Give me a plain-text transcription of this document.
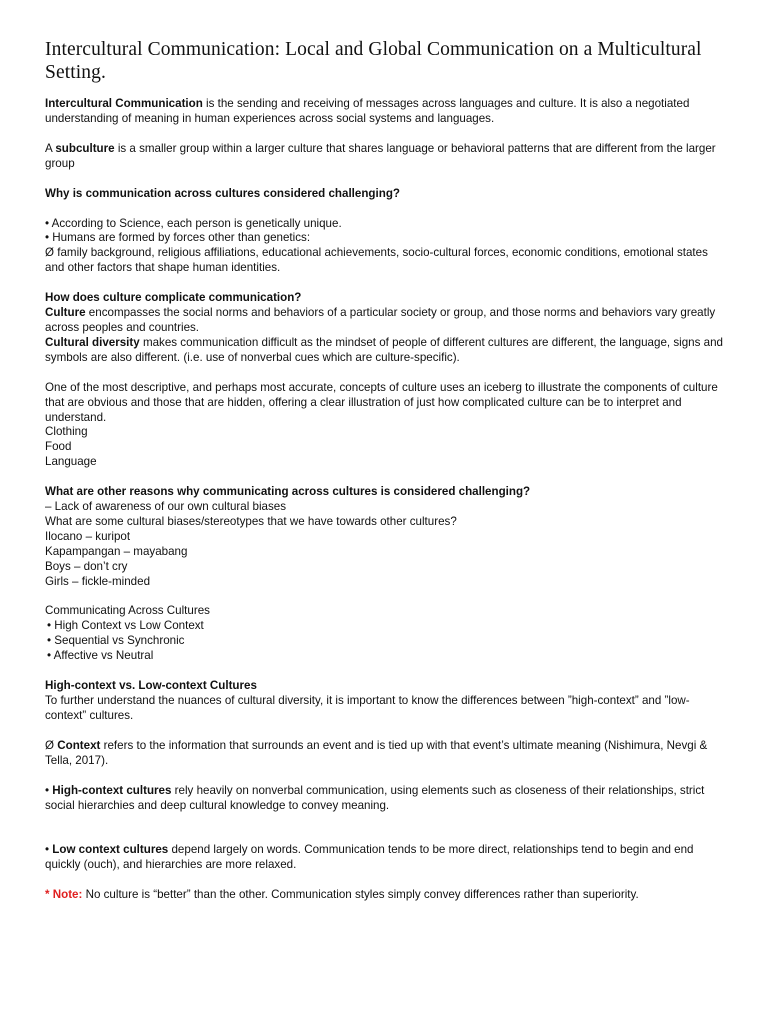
Intercultural Communication: Local and Global Communication on a Multicultural Setting.

Intercultural Communication is the sending and receiving of messages across languages and culture. It is also a negotiated understanding of meaning in human experiences across social systems and languages.

A subculture is a smaller group within a larger culture that shares language or behavioral patterns that are different from the larger group

Why is communication across cultures considered challenging?

• According to Science, each person is genetically unique.

• Humans are formed by forces other than genetics:

Ø family background, religious affiliations, educational achievements, socio-cultural forces, economic conditions, emotional states and other factors that shape human identities.

How does culture complicate communication?

Culture encompasses the social norms and behaviors of a particular society or group, and those norms and behaviors vary greatly across peoples and countries.

Cultural diversity makes communication difficult as the mindset of people of different cultures are different, the language, signs and symbols are also different. (i.e. use of nonverbal cues which are culture-specific).

One of the most descriptive, and perhaps most accurate, concepts of culture uses an iceberg to illustrate the components of culture that are obvious and those that are hidden, offering a clear illustration of just how complicated culture can be to interpret and understand.

Clothing

Food

Language

What are other reasons why communicating across cultures is considered challenging?

– Lack of awareness of our own cultural biases

What are some cultural biases/stereotypes that we have towards other cultures?

Ilocano – kuripot

Kapampangan – mayabang

Boys – don’t cry

Girls – fickle-minded

Communicating Across Cultures

• High Context vs Low Context

• Sequential vs Synchronic

• Affective vs Neutral

High-context vs. Low-context Cultures

To further understand the nuances of cultural diversity, it is important to know the differences between ”high-context” and ”low-context” cultures.

Ø Context refers to the information that surrounds an event and is tied up with that event’s ultimate meaning (Nishimura, Nevgi & Tella, 2017).

• High-context cultures rely heavily on nonverbal communication, using elements such as closeness of their relationships, strict social hierarchies and deep cultural knowledge to convey meaning.

• Low context cultures depend largely on words. Communication tends to be more direct, relationships tend to begin and end quickly (ouch), and hierarchies are more relaxed.

* Note: No culture is “better” than the other. Communication styles simply convey differences rather than superiority.
